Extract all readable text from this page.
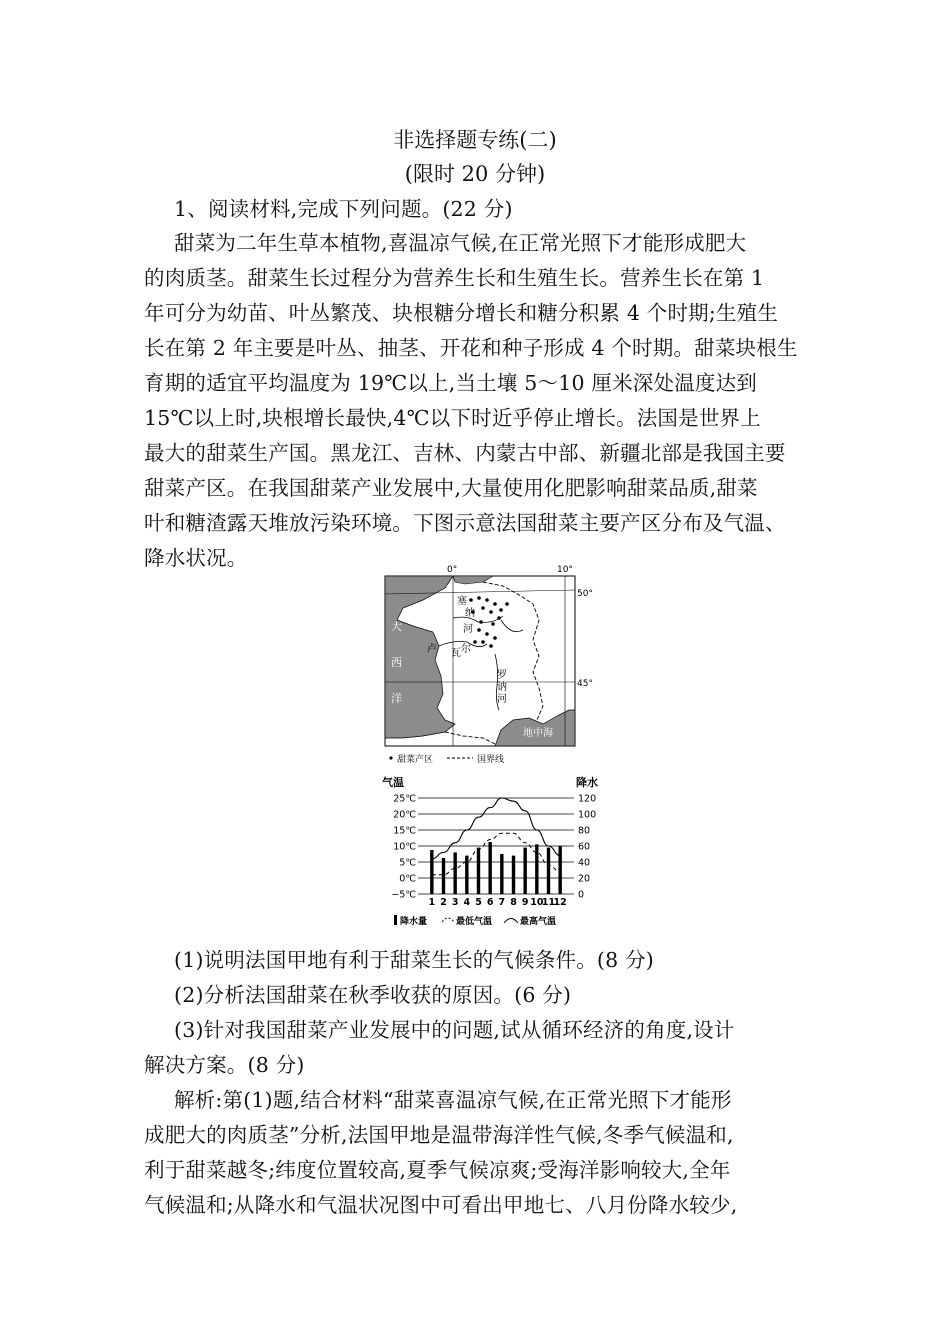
非选择题专练(二)
(限时 20 分钟)
1、阅读材料,完成下列问题。(22 分)
甜菜为二年生草本植物,喜温凉气候,在正常光照下才能形成肥大
的肉质茎。甜菜生长过程分为营养生长和生殖生长。营养生长在第 1
年可分为幼苗、叶丛繁茂、块根糖分增长和糖分积累 4 个时期;生殖生
长在第 2 年主要是叶丛、抽茎、开花和种子形成 4 个时期。甜菜块根生
育期的适宜平均温度为 19℃以上,当土壤 5～10 厘米深处温度达到
15℃以上时,块根增长最快,4℃以下时近乎停止增长。法国是世界上
最大的甜菜生产国。黑龙江、吉林、内蒙古中部、新疆北部是我国主要
甜菜产区。在我国甜菜产业发展中,大量使用化肥影响甜菜品质,甜菜
叶和糖渣露天堆放污染环境。下图示意法国甜菜主要产区分布及气温、
降水状况。	0°	10°
50°
45°
大
西
洋
地中海
塞
纳
河
卢 瓦 尔
罗
讷
河
甜菜产区	国界线
气温	降水
25℃	120
20℃	100
15℃	80
10℃	60
5℃	40
0℃	20
−5℃	0
1 2 3 4 5 6 7 8 9 10
11
12
降水量	最低气温	最高气温
(1)说明法国甲地有利于甜菜生长的气候条件。(8 分)
(2)分析法国甜菜在秋季收获的原因。(6 分)
(3)针对我国甜菜产业发展中的问题,试从循环经济的角度,设计
解决方案。(8 分)
解析:第(1)题,结合材料“甜菜喜温凉气候,在正常光照下才能形
成肥大的肉质茎”分析,法国甲地是温带海洋性气候,冬季气候温和,
利于甜菜越冬;纬度位置较高,夏季气候凉爽;受海洋影响较大,全年
气候温和;从降水和气温状况图中可看出甲地七、八月份降水较少,
